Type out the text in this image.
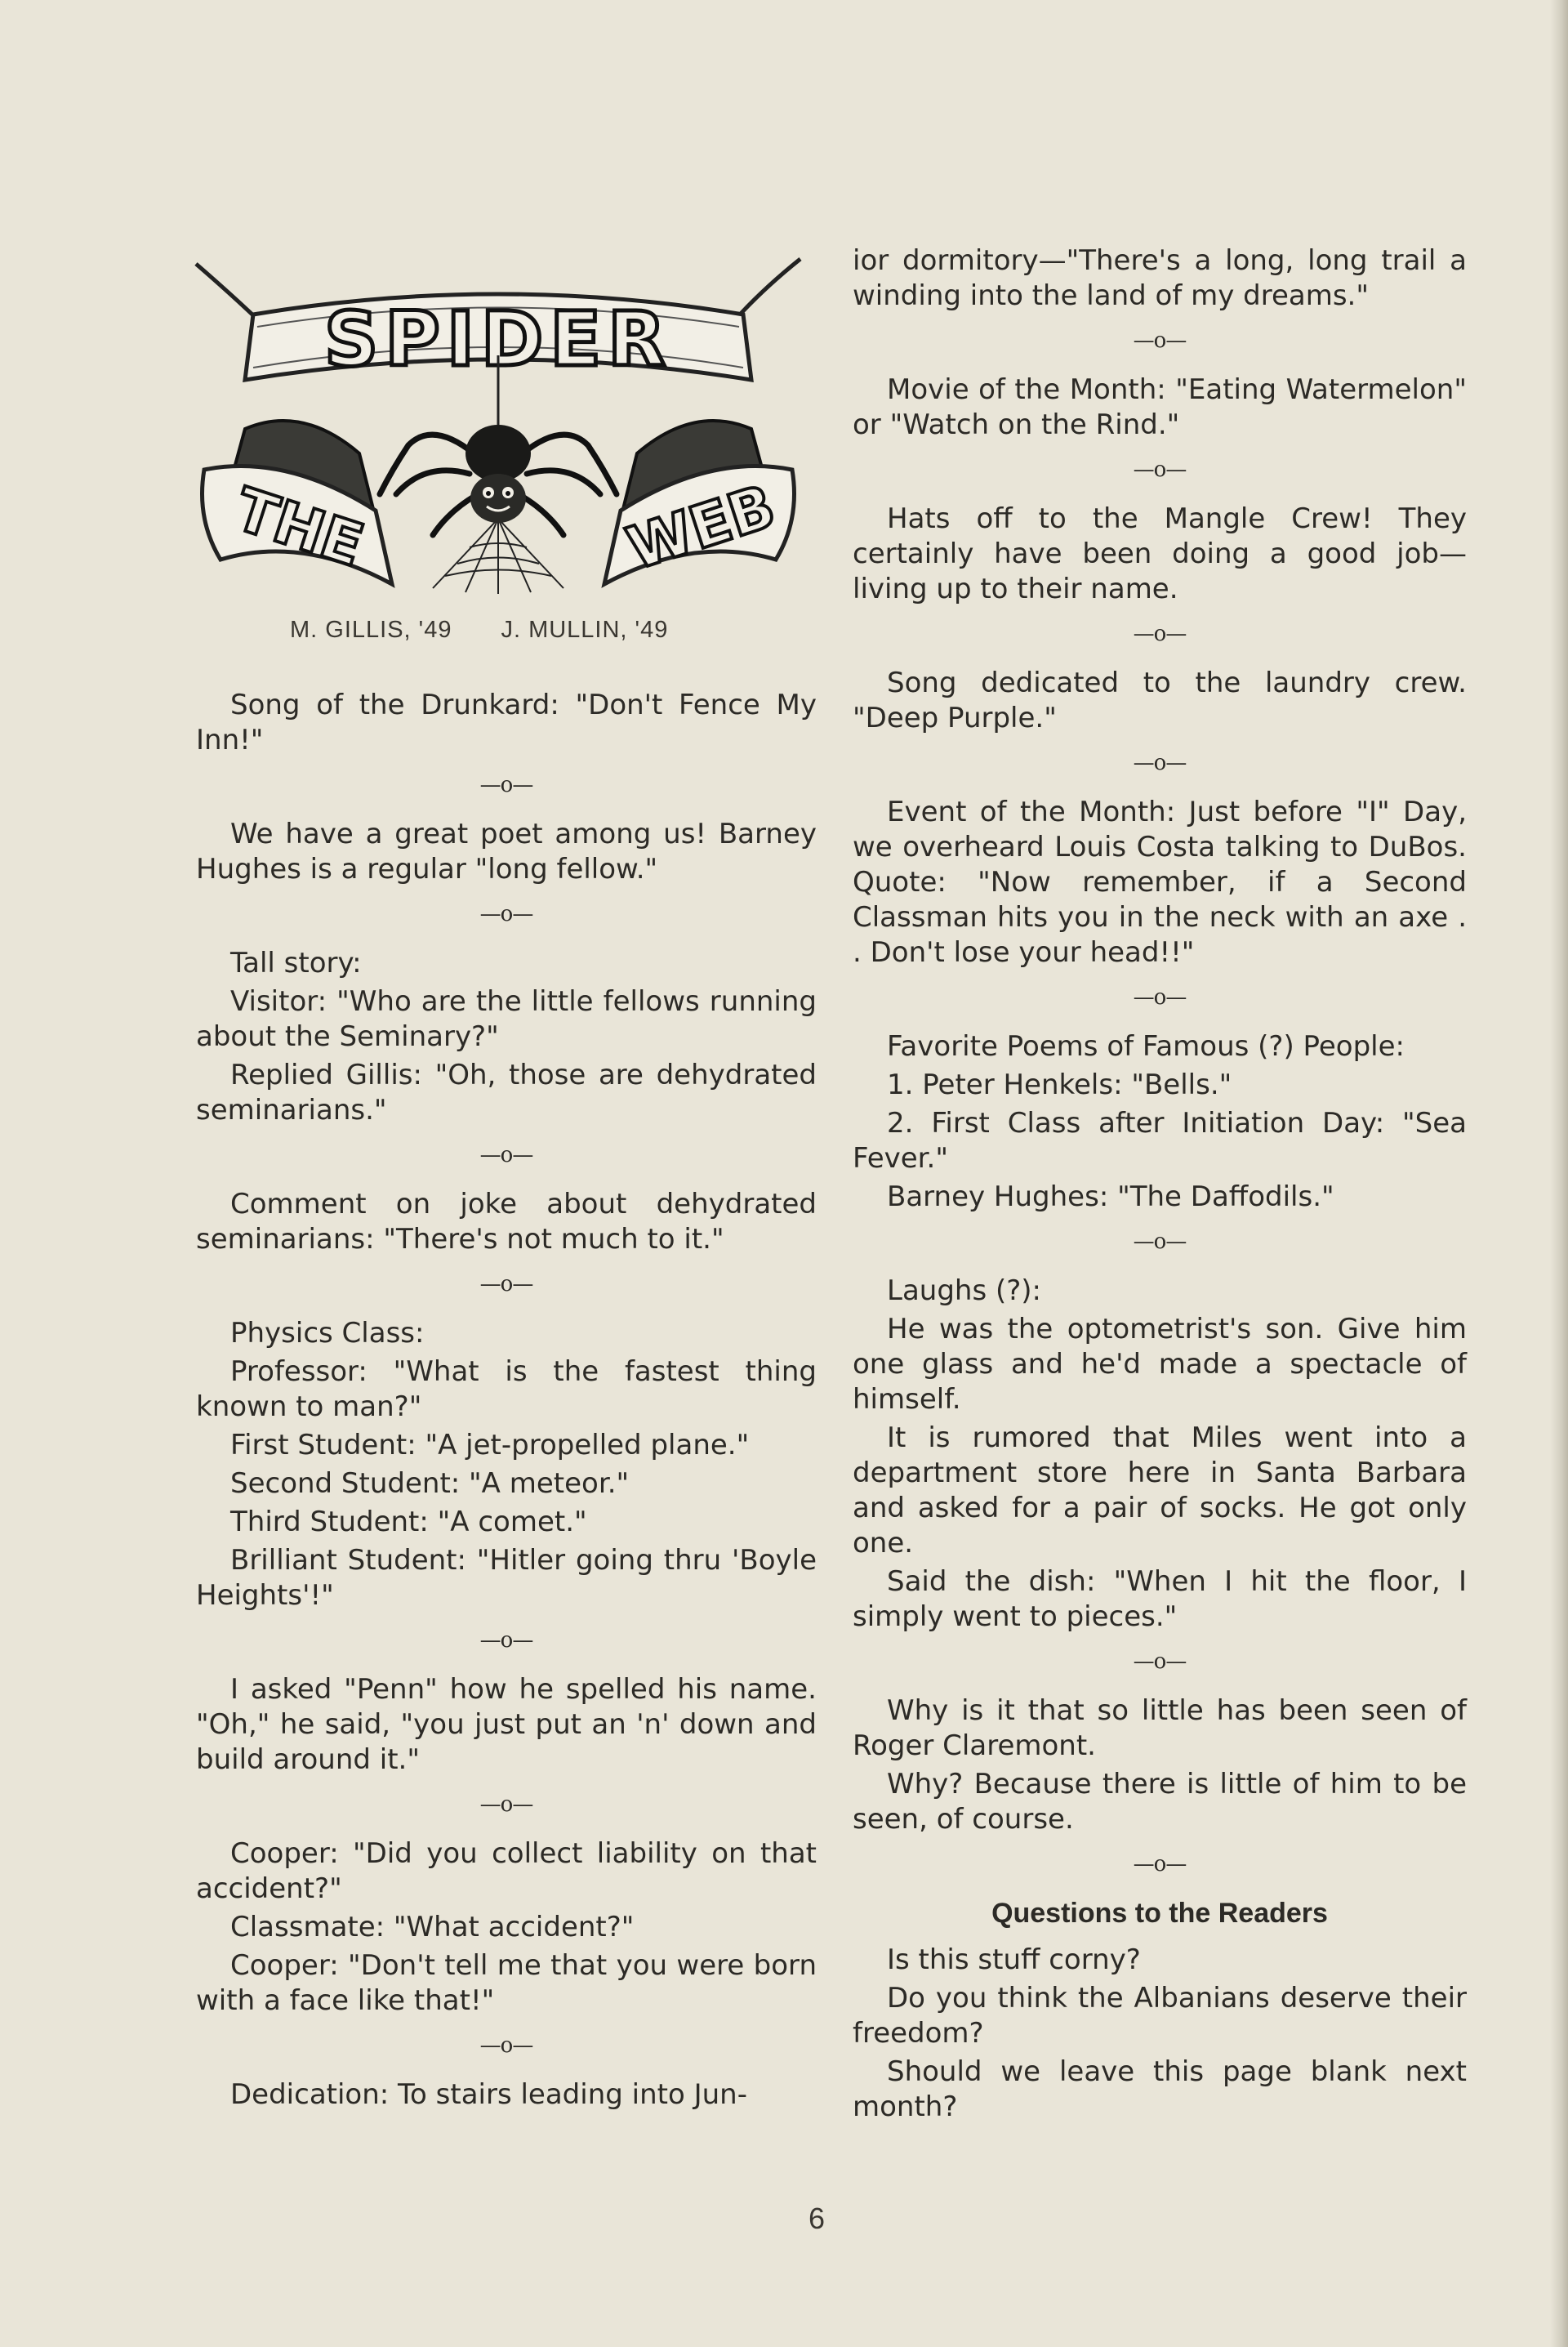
SPIDER
THE	WEB
M. GILLIS, '49 J. MULLIN, '49
Song of the Drunkard: "Don't Fence My Inn!"
—o—
We have a great poet among us! Barney Hughes is a regular "long fellow."
—o—
Tall story:
Visitor: "Who are the little fellows running about the Seminary?"
Replied Gillis: "Oh, those are dehydrated seminarians."
—o—
Comment on joke about dehydrated seminarians: "There's not much to it."
—o—
Physics Class:
Professor: "What is the fastest thing known to man?"
First Student: "A jet-propelled plane."
Second Student: "A meteor."
Third Student: "A comet."
Brilliant Student: "Hitler going thru 'Boyle Heights'!"
—o—
I asked "Penn" how he spelled his name. "Oh," he said, "you just put an 'n' down and build around it."
—o—
Cooper: "Did you collect liability on that accident?"
Classmate: "What accident?"
Cooper: "Don't tell me that you were born with a face like that!"
—o—
Dedication: To stairs leading into Jun-
ior dormitory—"There's a long, long trail a winding into the land of my dreams."
—o—
Movie of the Month: "Eating Watermelon" or "Watch on the Rind."
—o—
Hats off to the Mangle Crew! They certainly have been doing a good job—living up to their name.
—o—
Song dedicated to the laundry crew. "Deep Purple."
—o—
Event of the Month: Just before "I" Day, we overheard Louis Costa talking to DuBos. Quote: "Now remember, if a Second Classman hits you in the neck with an axe . . Don't lose your head!!"
—o—
Favorite Poems of Famous (?) People:
1. Peter Henkels: "Bells."
2. First Class after Initiation Day: "Sea Fever."
Barney Hughes: "The Daffodils."
—o—
Laughs (?):
He was the optometrist's son. Give him one glass and he'd made a spectacle of himself.
It is rumored that Miles went into a department store here in Santa Barbara and asked for a pair of socks. He got only one.
Said the dish: "When I hit the floor, I simply went to pieces."
—o—
Why is it that so little has been seen of Roger Claremont.
Why? Because there is little of him to be seen, of course.
—o—
Questions to the Readers
Is this stuff corny?
Do you think the Albanians deserve their freedom?
Should we leave this page blank next month?
6
